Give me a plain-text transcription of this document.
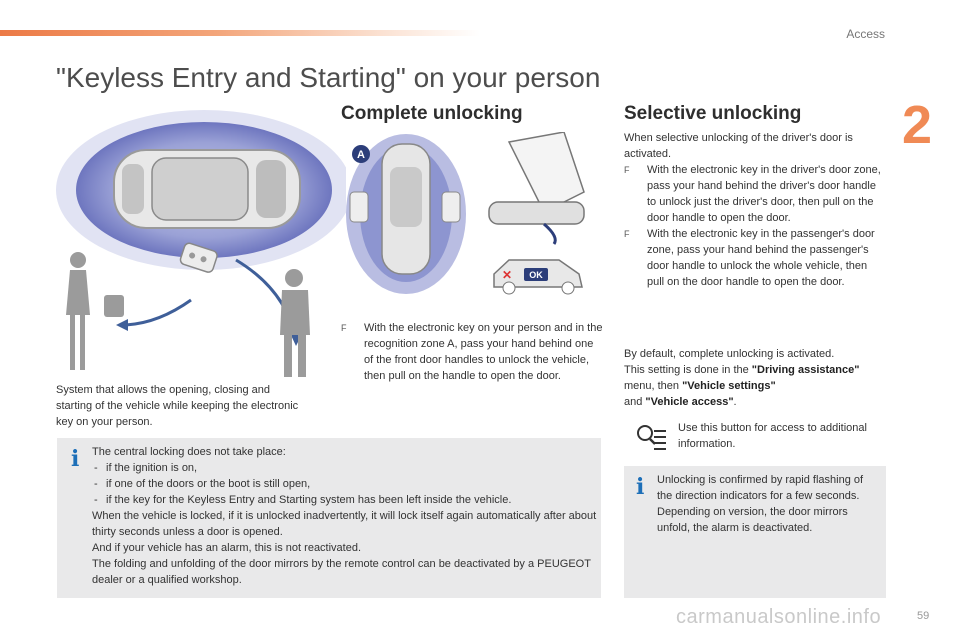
Access
2
"Keyless Entry and Starting" on your person
A
✕ OK
Complete unlocking	Selective unlocking

System that allows the opening, closing and starting of the vehicle while keeping the electronic key on your person.

F With the electronic key on your person and in the recognition zone A, pass your hand behind one of the front door handles to unlock the vehicle, then pull on the handle to open the door.

When selective unlocking of the driver's door is activated.

F With the electronic key in the driver's door zone, pass your hand behind the driver's door handle to unlock just the driver's door, then pull on the door handle to open the door.
F With the electronic key in the passenger's door zone, pass your hand behind the passenger's door handle to unlock the whole vehicle, then pull on the door handle to open the door.

By default, complete unlocking is activated.
This setting is done in the "Driving assistance" menu, then "Vehicle settings"
and "Vehicle access".

Use this button for access to additional information.
i The central locking does not take place:
- if the ignition is on,
- if one of the doors or the boot is still open,
- if the key for the Keyless Entry and Starting system has been left inside the vehicle.
When the vehicle is locked, if it is unlocked inadvertently, it will lock itself again automatically after about thirty seconds unless a door is opened.
And if your vehicle has an alarm, this is not reactivated.
The folding and unfolding of the door mirrors by the remote control can be deactivated by a PEUGEOT dealer or a qualified workshop.
i Unlocking is confirmed by rapid flashing of the direction indicators for a few seconds.
Depending on version, the door mirrors unfold, the alarm is deactivated.
carmanualsonline.info	59
